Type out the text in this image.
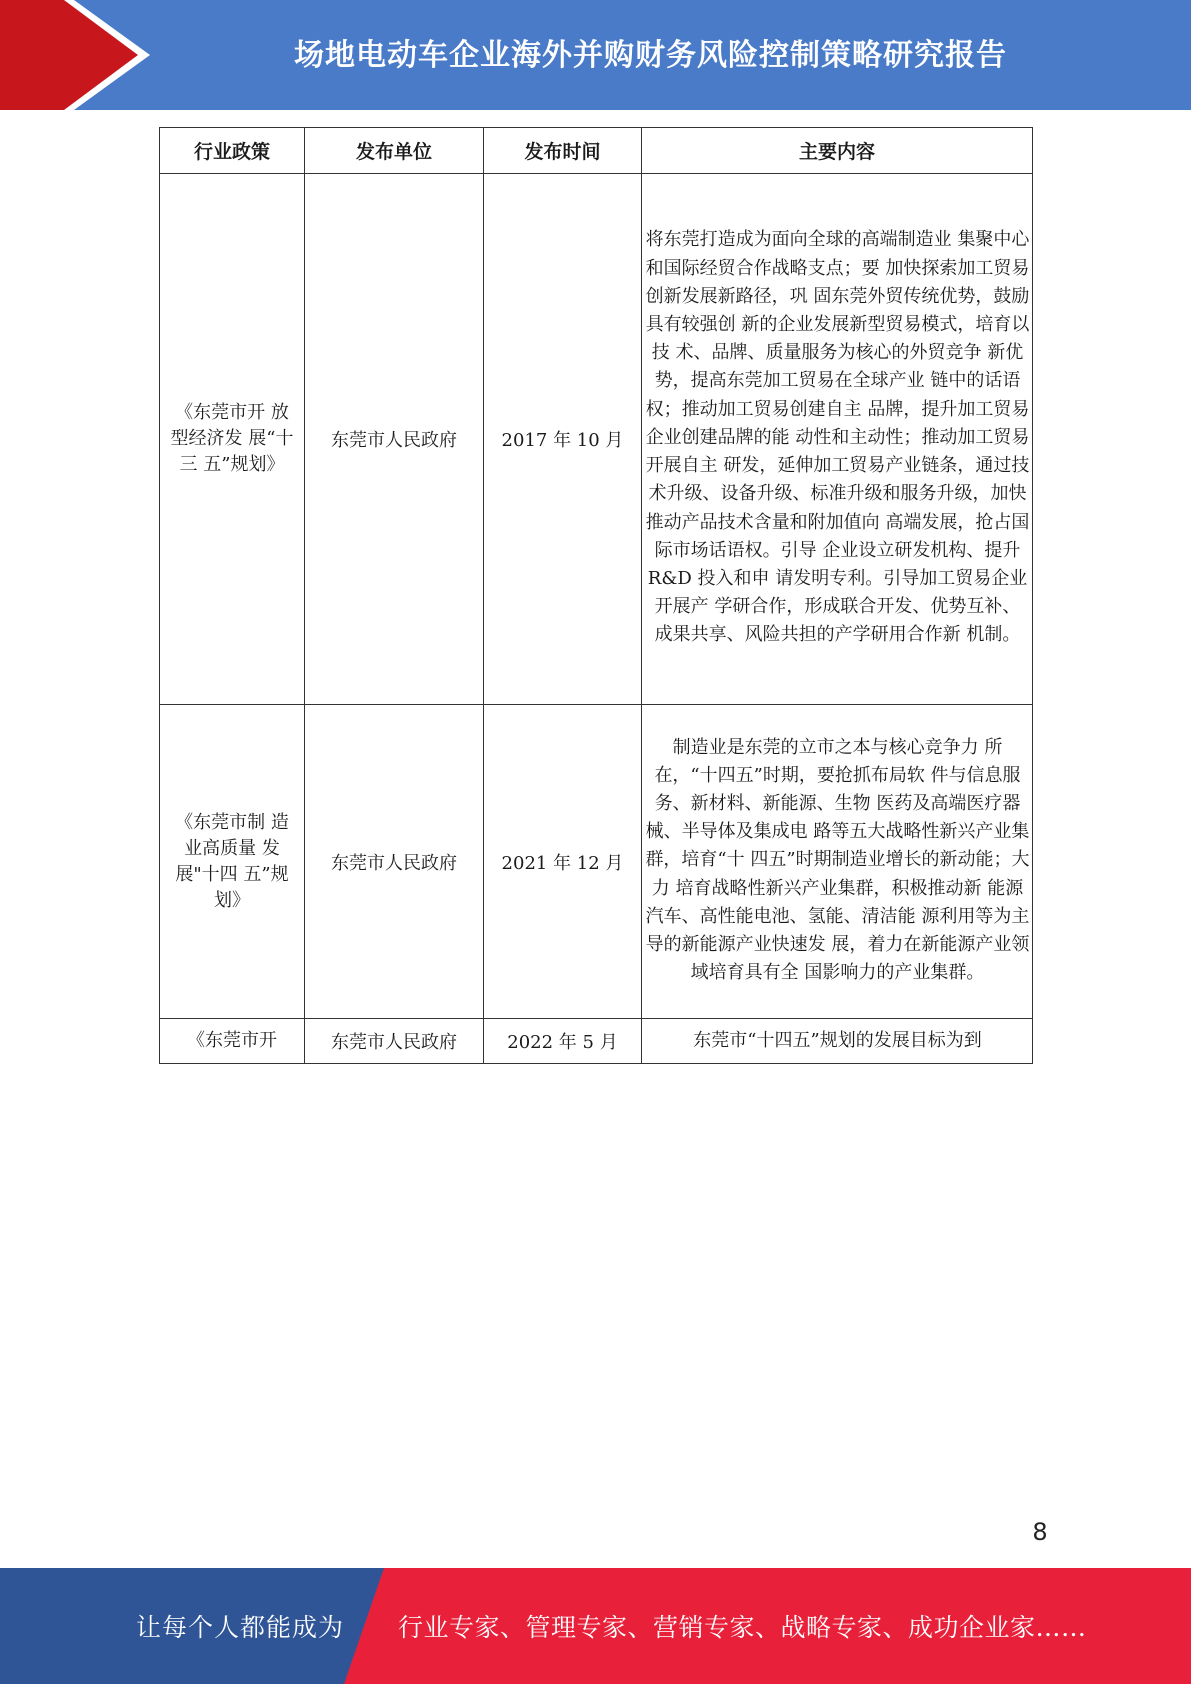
场地电动车企业海外并购财务风险控制策略研究报告
行业政策	发布单位	发布时间	主要内容
《东莞市开 放型经济发 展“十三 五”规划》	东莞市人民政府	2017 年 10 月	将东莞打造成为面向全球的高端制造业 集聚中心和国际经贸合作战略支点；要 加快探索加工贸易创新发展新路径，巩 固东莞外贸传统优势，鼓励具有较强创 新的企业发展新型贸易模式，培育以技 术、品牌、质量服务为核心的外贸竞争 新优势，提高东莞加工贸易在全球产业 链中的话语权；推动加工贸易创建自主 品牌，提升加工贸易企业创建品牌的能 动性和主动性；推动加工贸易开展自主 研发，延伸加工贸易产业链条，通过技 术升级、设备升级、标准升级和服务升级，加快推动产品技术含量和附加值向 高端发展，抢占国际市场话语权。引导 企业设立研发机构、提升 R&D 投入和申 请发明专利。引导加工贸易企业开展产 学研合作，形成联合开发、优势互补、 成果共享、风险共担的产学研用合作新 机制。
《东莞市制 造业高质量 发展"十四 五”规划》	东莞市人民政府	2021 年 12 月	制造业是东莞的立市之本与核心竞争力 所在，“十四五”时期，要抢抓布局软 件与信息服务、新材料、新能源、生物 医药及高端医疗器械、半导体及集成电 路等五大战略性新兴产业集群，培育“十 四五”时期制造业增长的新动能；大力 培育战略性新兴产业集群，积极推动新 能源汽车、高性能电池、氢能、清洁能 源利用等为主导的新能源产业快速发 展，着力在新能源产业领域培育具有全 国影响力的产业集群。
《东莞市开	东莞市人民政府	2022 年 5 月	东莞市“十四五”规划的发展目标为到
8
让每个人都能成为	行业专家、管理专家、营销专家、战略专家、成功企业家……
